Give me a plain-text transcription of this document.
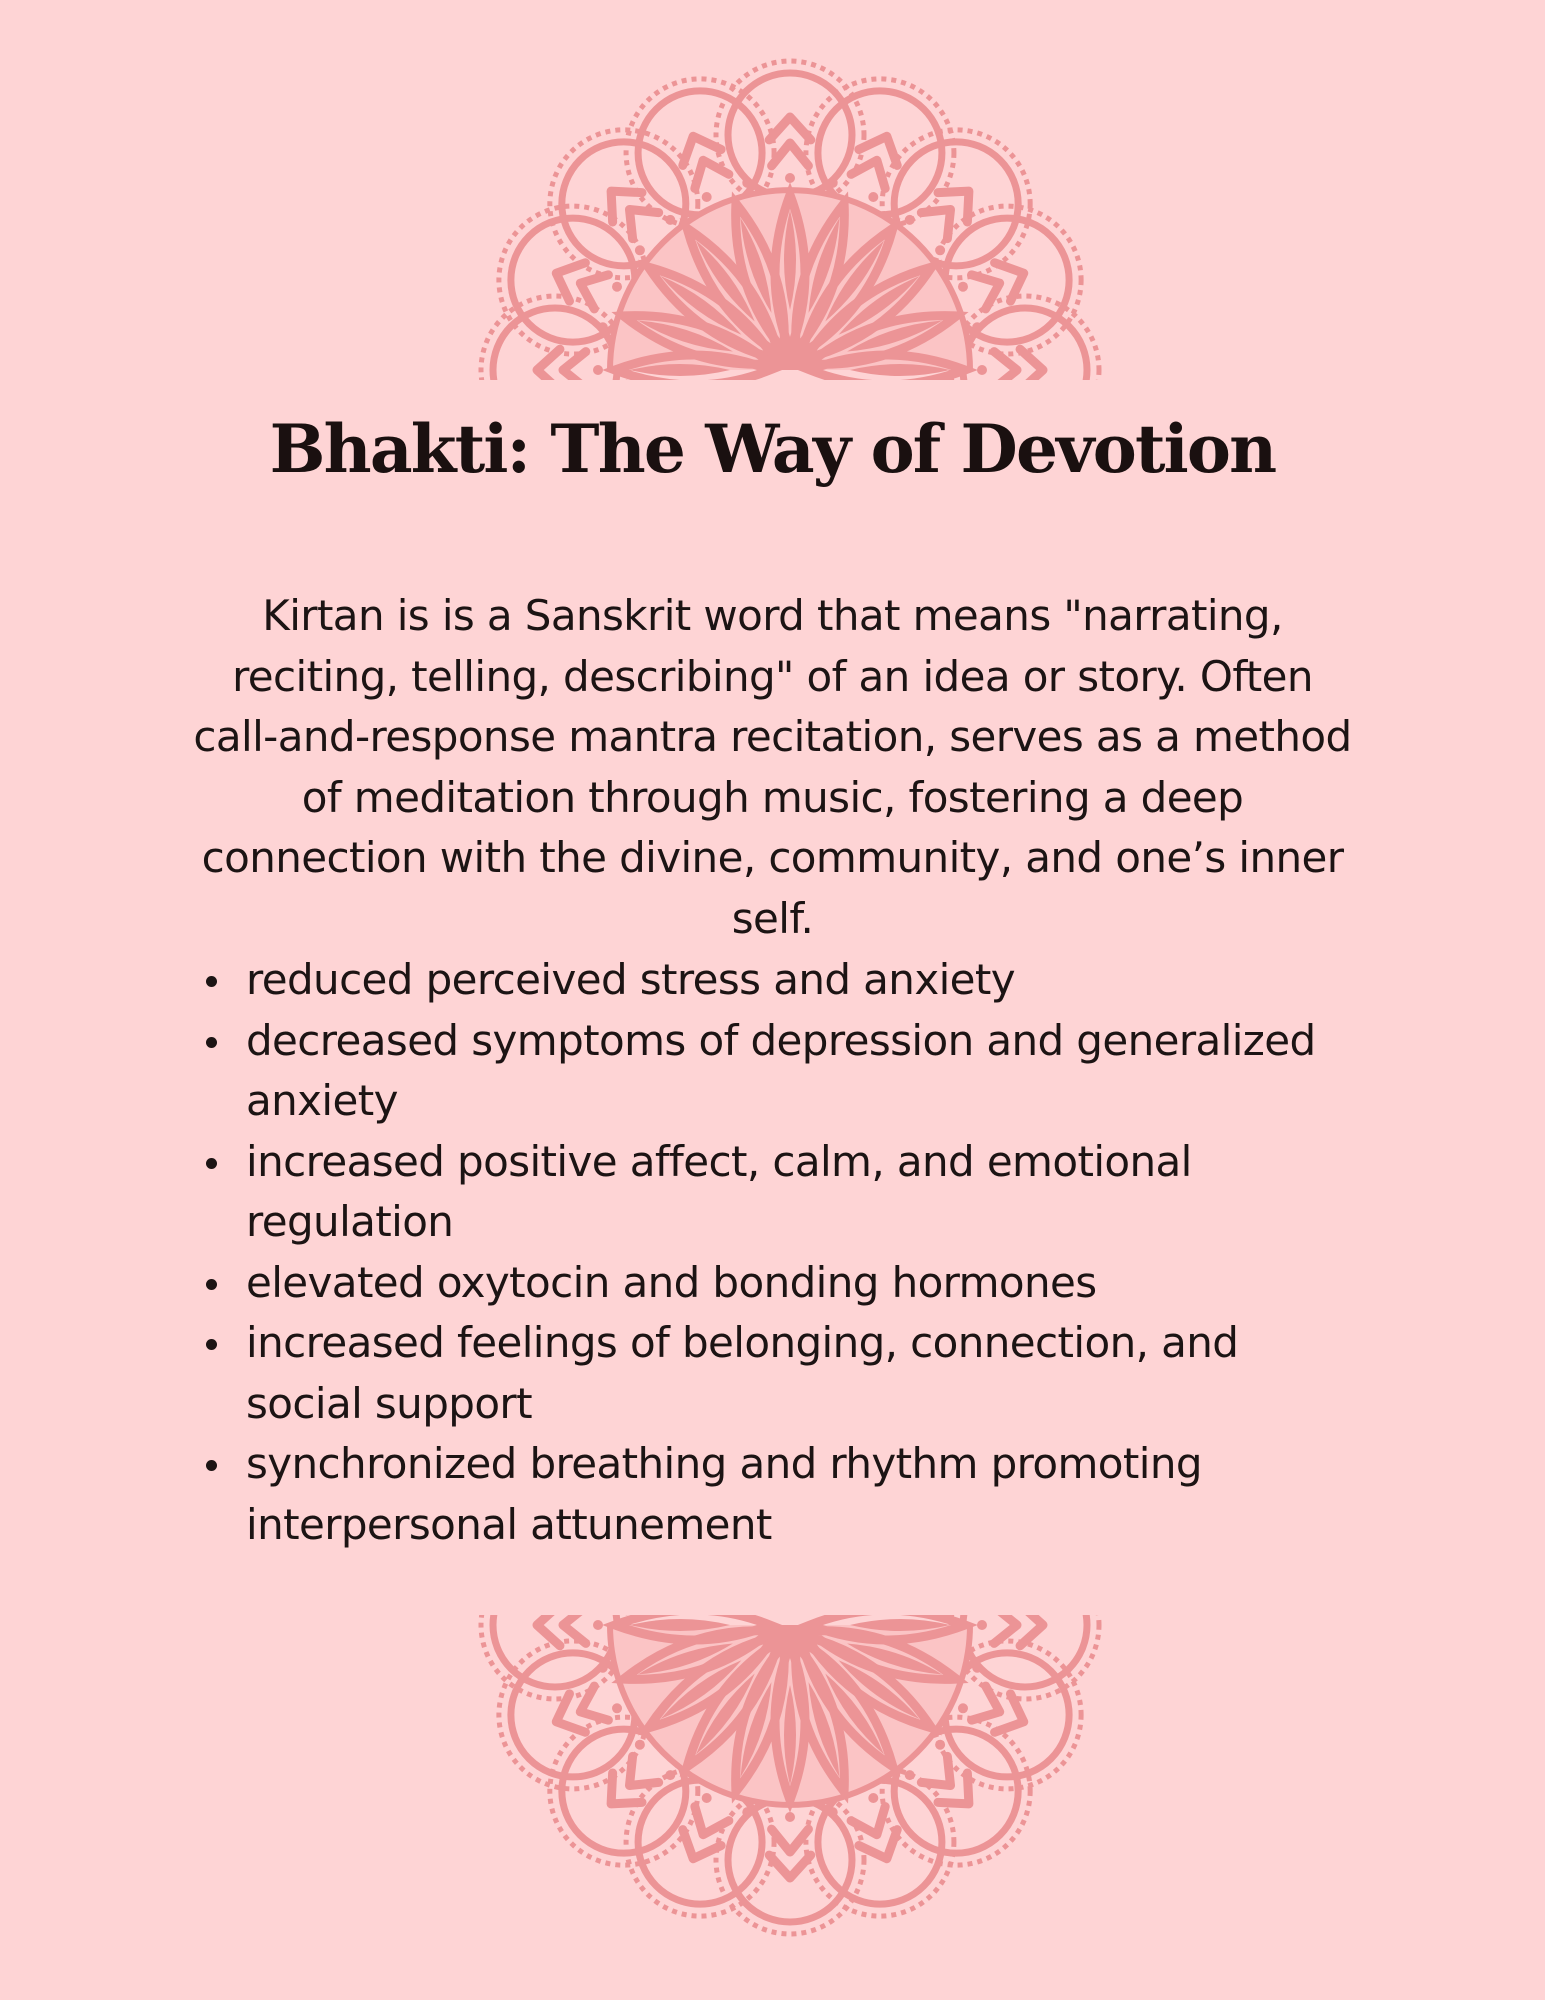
Bhakti: The Way of Devotion

Kirtan is is a Sanskrit word that means "narrating, reciting, telling, describing" of an idea or story. Often call-and-response mantra recitation, serves as a method of meditation through music, fostering a deep connection with the divine, community, and one’s inner self.

reduced perceived stress and anxiety
decreased symptoms of depression and generalized anxiety
increased positive affect, calm, and emotional regulation
elevated oxytocin and bonding hormones
increased feelings of belonging, connection, and social support
synchronized breathing and rhythm promoting interpersonal attunement
